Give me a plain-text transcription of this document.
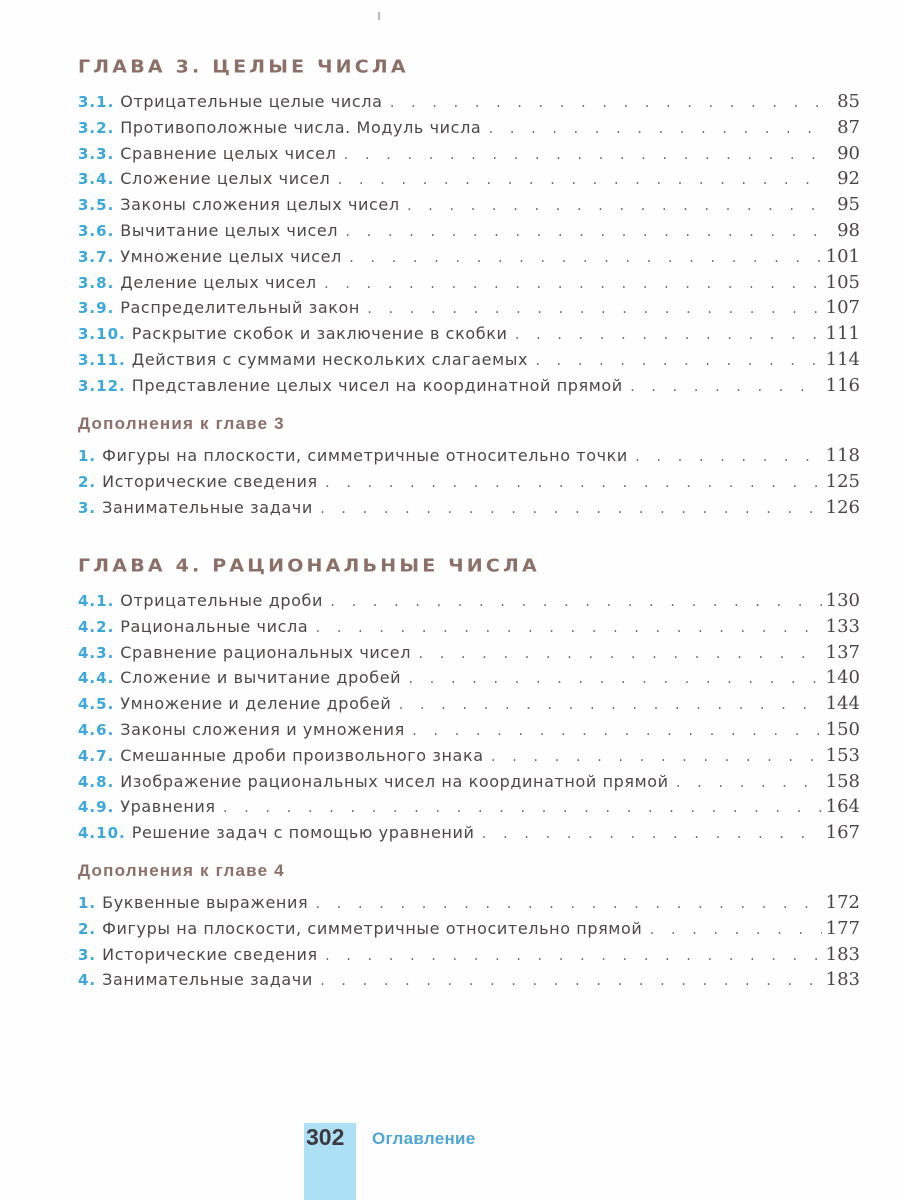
ГЛАВА 3. ЦЕЛЫЕ ЧИСЛА
3.1. Отрицательные целые числа . . .	85
3.2. Противоположные числа. Модуль числа . . .	87
3.3. Сравнение целых чисел . . .	90
3.4. Сложение целых чисел . . .	92
3.5. Законы сложения целых чисел . . .	95
3.6. Вычитание целых чисел . . .	98
3.7. Умножение целых чисел . . .	101
3.8. Деление целых чисел . . .	105
3.9. Распределительный закон . . .	107
3.10. Раскрытие скобок и заключение в скобки . . .	111
3.11. Действия с суммами нескольких слагаемых . . .	114
3.12. Представление целых чисел на координатной прямой . . .	116
Дополнения к главе 3
1. Фигуры на плоскости, симметричные относительно точки . . .	118
2. Исторические сведения . . .	125
3. Занимательные задачи . . .	126
ГЛАВА 4. РАЦИОНАЛЬНЫЕ ЧИСЛА
4.1. Отрицательные дроби . . .	130
4.2. Рациональные числа . . .	133
4.3. Сравнение рациональных чисел . . .	137
4.4. Сложение и вычитание дробей . . .	140
4.5. Умножение и деление дробей . . .	144
4.6. Законы сложения и умножения . . .	150
4.7. Смешанные дроби произвольного знака . . .	153
4.8. Изображение рациональных чисел на координатной прямой . . .	158
4.9. Уравнения . . .	164
4.10. Решение задач с помощью уравнений . . .	167
Дополнения к главе 4
1. Буквенные выражения . . .	172
2. Фигуры на плоскости, симметричные относительно прямой . . .	177
3. Исторические сведения . . .	183
4. Занимательные задачи . . .	183
302 Оглавление
